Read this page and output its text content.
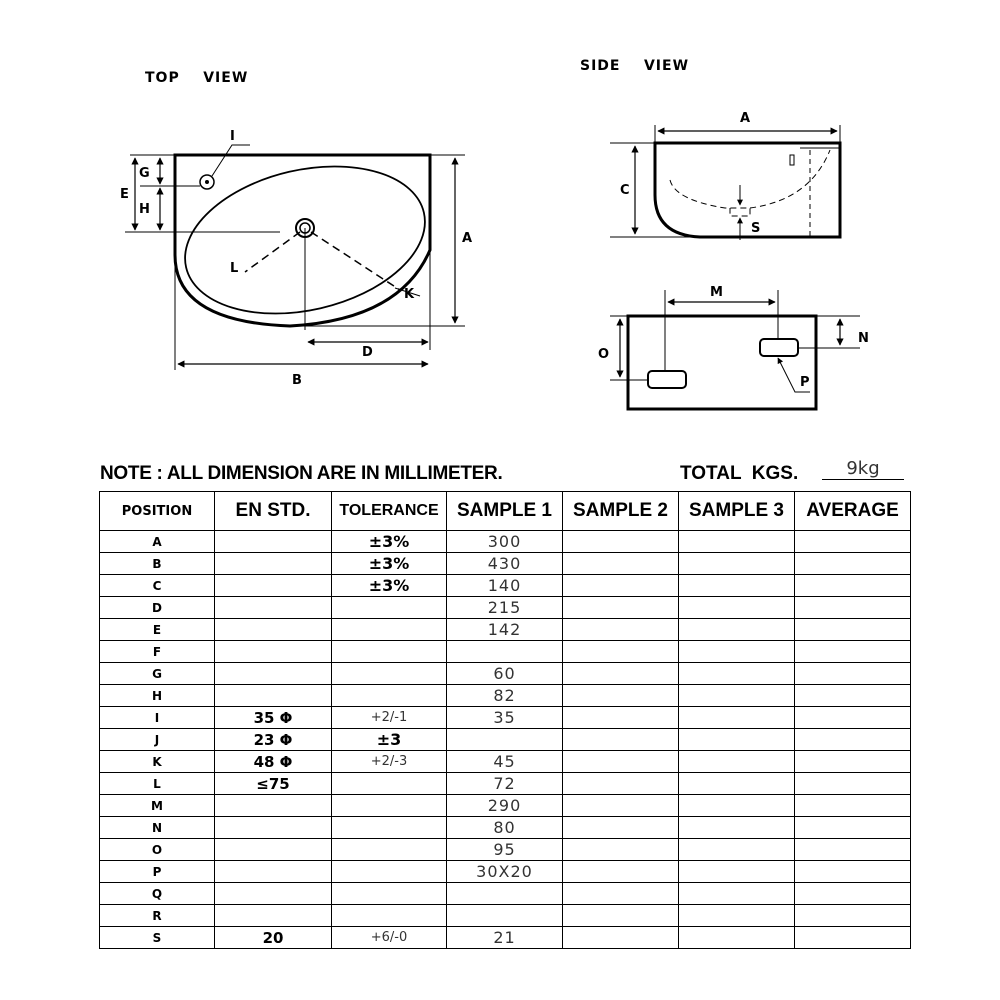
TOP    VIEW
SIDE    VIEW
I
G
E
H
A
L
K
D
B
A
C
S
M
N
O
P
NOTE : ALL DIMENSION ARE IN MILLIMETER.	TOTAL  KGS.	9kg
POSITION	EN STD.	TOLERANCE	SAMPLE 1	SAMPLE 2	SAMPLE 3	AVERAGE
A		±3%	300			
B		±3%	430			
C		±3%	140			
D			215			
E			142			
F						
G			60			
H			82			
I	35 Φ	+2/-1	35			
J	23 Φ	±3				
K	48 Φ	+2/-3	45			
L	≤75		72			
M			290			
N			80			
O			95			
P			30X20			
Q						
R						
S	20	+6/-0	21			
